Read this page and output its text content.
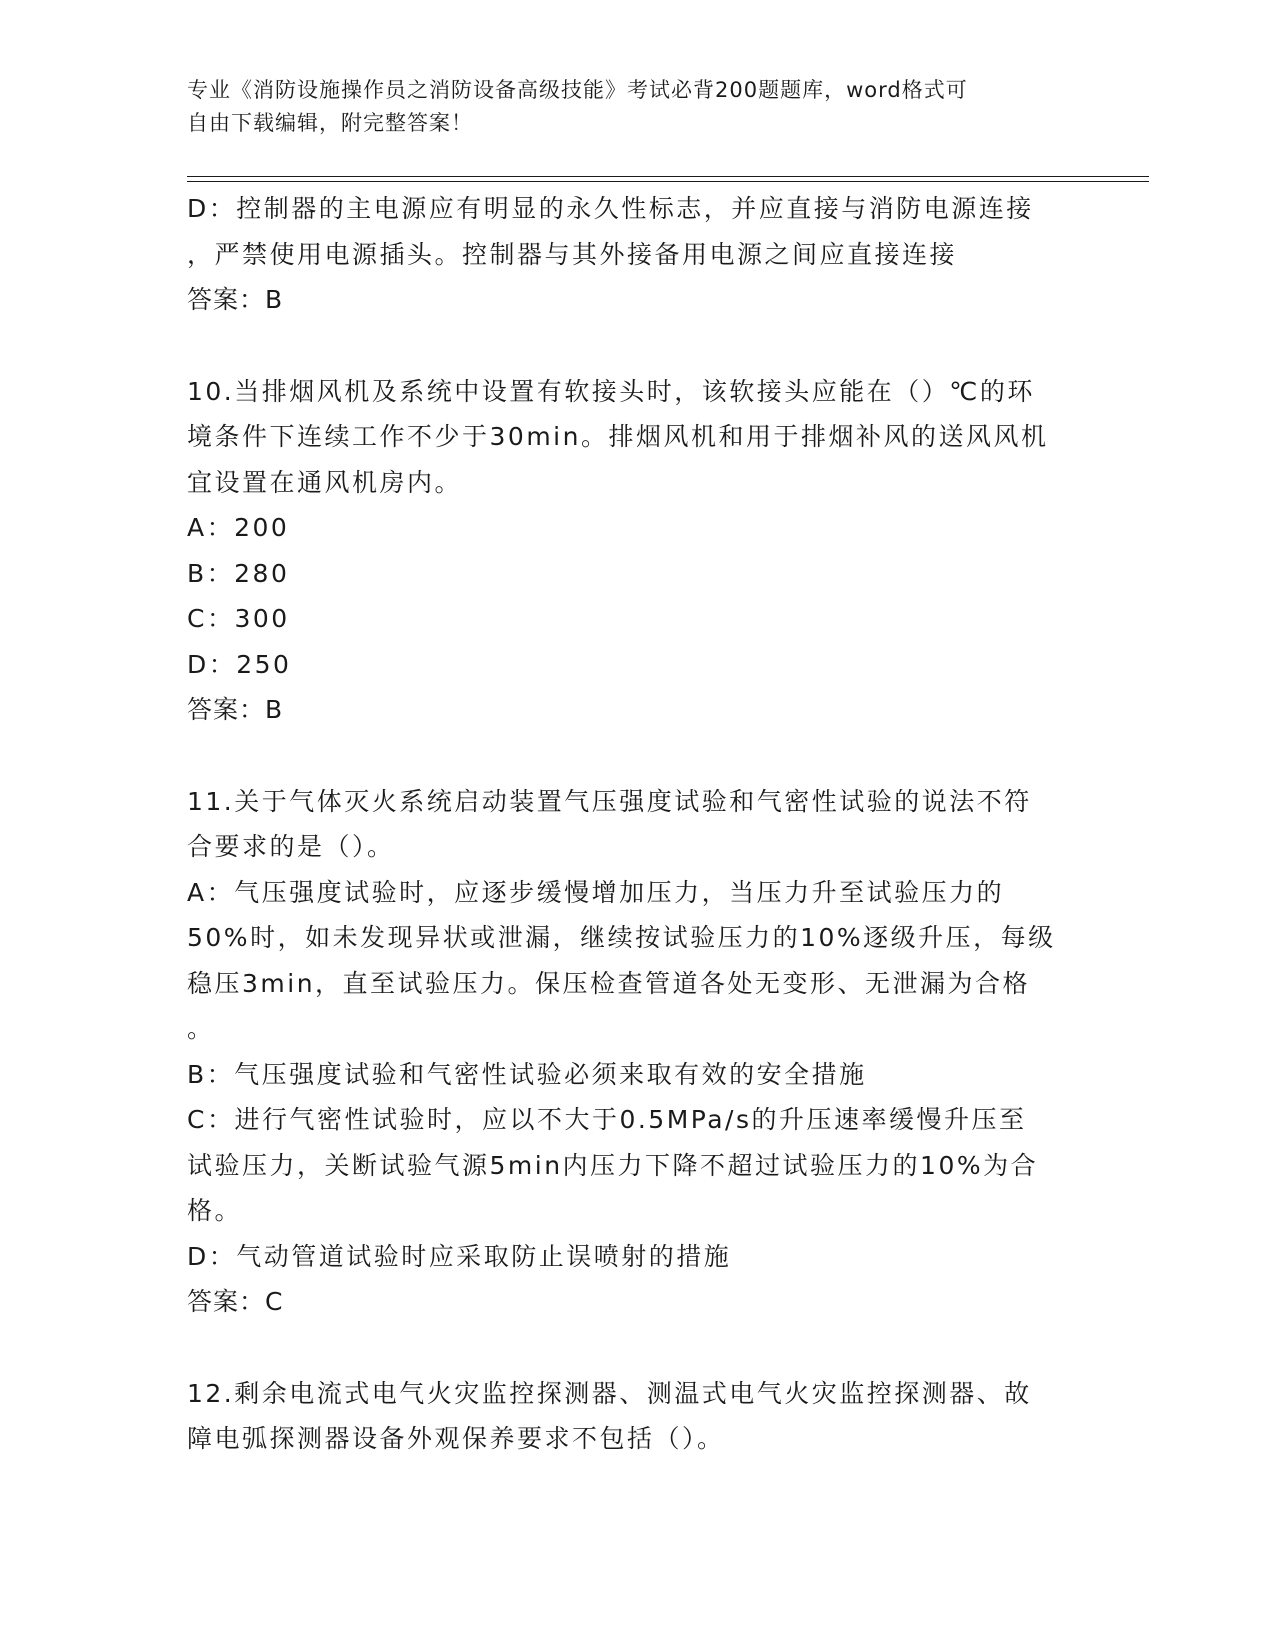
专业《消防设施操作员之消防设备高级技能》考试必背200题题库，word格式可
自由下载编辑，附完整答案！
D：控制器的主电源应有明显的永久性标志，并应直接与消防电源连接
，严禁使用电源插头。控制器与其外接备用电源之间应直接连接
答案：B
10.当排烟风机及系统中设置有软接头时，该软接头应能在（）℃的环
境条件下连续工作不少于30min。排烟风机和用于排烟补风的送风风机
宜设置在通风机房内。
A：200
B：280
C：300
D：250
答案：B
11.关于气体灭火系统启动装置气压强度试验和气密性试验的说法不符
合要求的是（）。
A：气压强度试验时，应逐步缓慢增加压力，当压力升至试验压力的
50%时，如未发现异状或泄漏，继续按试验压力的10%逐级升压，每级
稳压3min，直至试验压力。保压检查管道各处无变形、无泄漏为合格
。
B：气压强度试验和气密性试验必须来取有效的安全措施
C：进行气密性试验时，应以不大于0.5MPa/s的升压速率缓慢升压至
试验压力，关断试验气源5min内压力下降不超过试验压力的10%为合
格。
D：气动管道试验时应采取防止误喷射的措施
答案：C
12.剩余电流式电气火灾监控探测器、测温式电气火灾监控探测器、故
障电弧探测器设备外观保养要求不包括（）。
